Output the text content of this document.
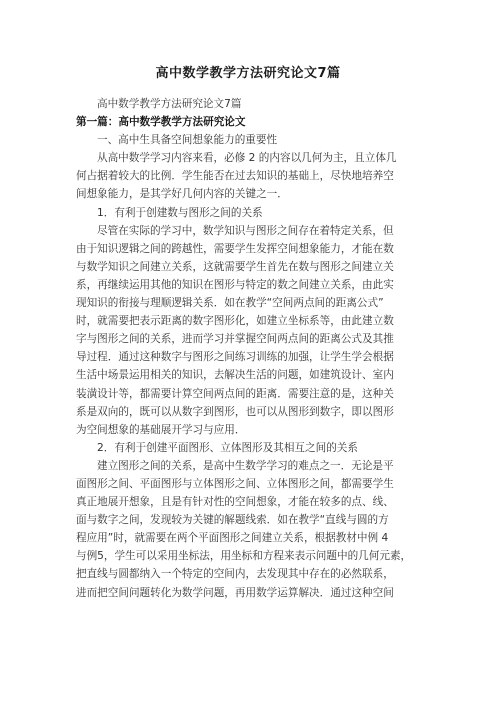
高中数学教学方法研究论文7篇
高中数学教学方法研究论文7篇
第一篇：高中数学教学方法研究论文
一、高中生具备空间想象能力的重要性
从高中数学学习内容来看，必修 2 的内容以几何为主，且立体几
何占据着较大的比例．学生能否在过去知识的基础上，尽快地培养空
间想象能力，是其学好几何内容的关键之一．
1．有利于创建数与图形之间的关系
尽管在实际的学习中，数学知识与图形之间存在着特定关系，但
由于知识逻辑之间的跨越性，需要学生发挥空间想象能力，才能在数
与数学知识之间建立关系，这就需要学生首先在数与图形之间建立关
系，再继续运用其他的知识在图形与特定的数之间建立关系，由此实
现知识的衔接与理顺逻辑关系．如在教学“空间两点间的距离公式”
时，就需要把表示距离的数字图形化，如建立坐标系等，由此建立数
字与图形之间的关系，进而学习并掌握空间两点间的距离公式及其推
导过程．通过这种数字与图形之间练习训练的加强，让学生学会根据
生活中场景运用相关的知识，去解决生活的问题，如建筑设计、室内
装潢设计等，都需要计算空间两点间的距离．需要注意的是，这种关
系是双向的，既可以从数字到图形，也可以从图形到数字，即以图形
为空间想象的基础展开学习与应用．
2．有利于创建平面图形、立体图形及其相互之间的关系
建立图形之间的关系，是高中生数学学习的难点之一．无论是平
面图形之间、平面图形与立体图形之间、立体图形之间，都需要学生
真正地展开想象，且是有针对性的空间想象，才能在较多的点、线、
面与数字之间，发现较为关键的解题线索．如在教学“直线与圆的方
程应用”时，就需要在两个平面图形之间建立关系，根据教材中例 4
与例5，学生可以采用坐标法，用坐标和方程来表示问题中的几何元素，
把直线与圆都纳入一个特定的空间内，去发现其中存在的必然联系，
进而把空间问题转化为数学问题，再用数学运算解决．通过这种空间
